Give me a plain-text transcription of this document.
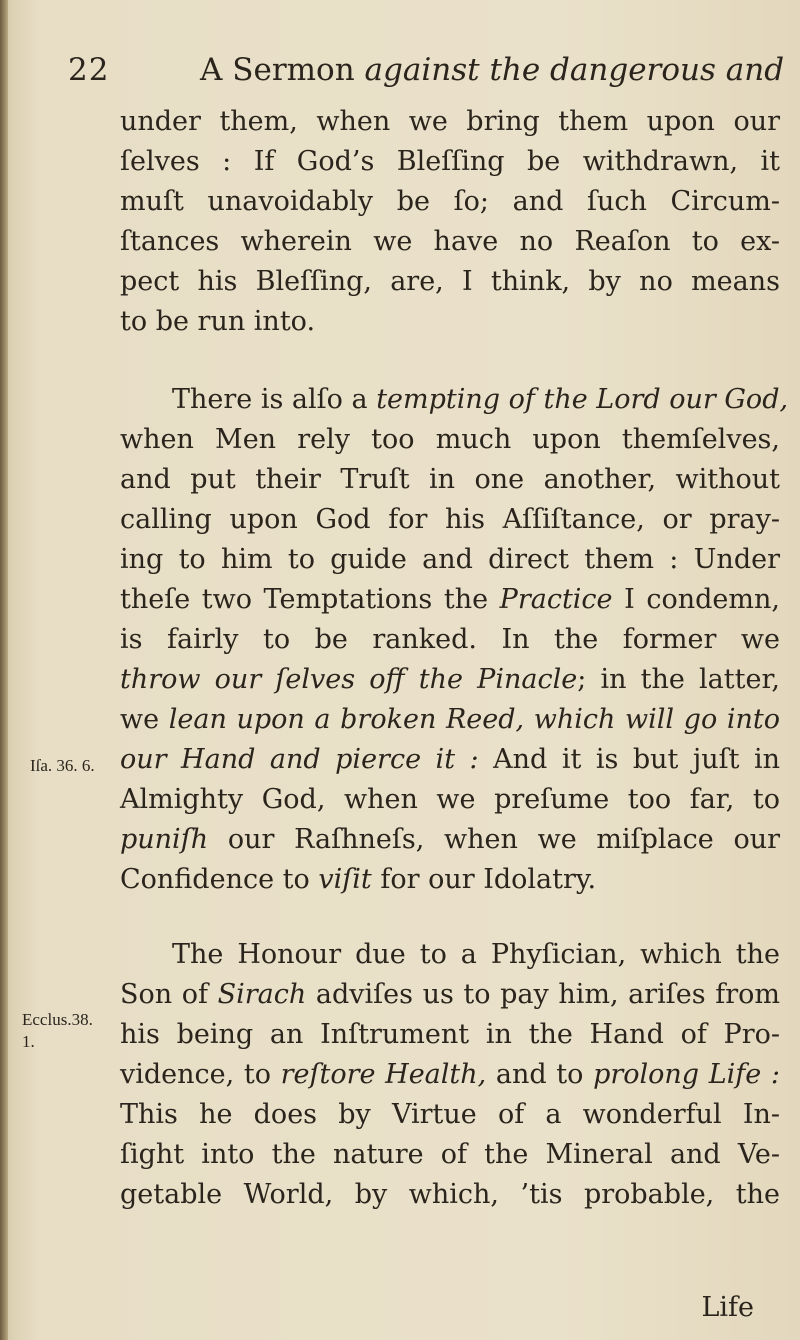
22	A Sermon against the dangerous and
under them, when we bring them upon our
ſelves : If God’s Bleſſing be withdrawn, it
muſt unavoidably be ſo; and ſuch Circum-
ſtances wherein we have no Reaſon to ex-
pect his Bleſſing, are, I think, by no means
to be run into.
There is alſo a tempting of the Lord our God,
when Men rely too much upon themſelves,
and put their Truſt in one another, without
calling upon God for his Aſſiſtance, or pray-
ing to him to guide and direct them : Under
theſe two Temptations the Practice I condemn,
is fairly to be ranked. In the former we
throw our ſelves off the Pinacle; in the latter,
we lean upon a broken Reed, which will go into
our Hand and pierce it : And it is but juſt in
Almighty God, when we preſume too far, to
puniſh our Raſhneſs, when we miſplace our
Confidence to viſit for our Idolatry.
The Honour due to a Phyſician, which the
Son of Sirach adviſes us to pay him, ariſes from
his being an Inſtrument in the Hand of Pro-
vidence, to reſtore Health, and to prolong Life :
This he does by Virtue of a wonderful In-
ſight into the nature of the Mineral and Ve-
getable World, by which, ’tis probable, the
Iſa. 36. 6.
Ecclus.38.
1.
Life
